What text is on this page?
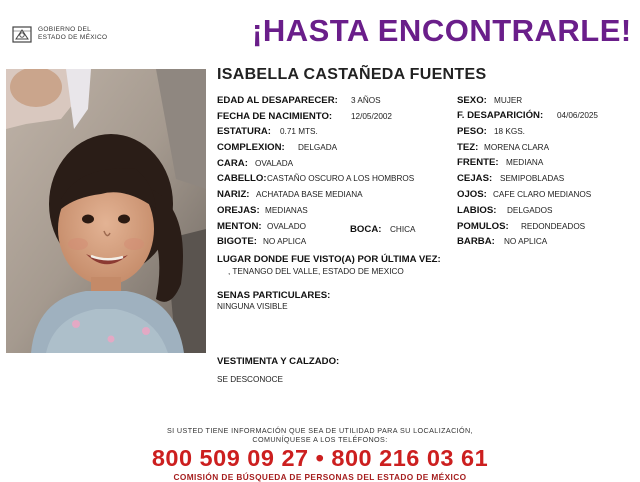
GOBIERNO DEL
ESTADO DE MÉXICO	¡HASTA ENCONTRARLE!
ISABELLA CASTAÑEDA FUENTES
EDAD AL DESAPARECER: 3 AÑOS
FECHA DE NACIMIENTO: 12/05/2002
ESTATURA: 0.71 MTS.
COMPLEXION: DELGADA
CARA: OVALADA
CABELLO: CASTAÑO OSCURO A LOS HOMBROS
NARIZ: ACHATADA BASE MEDIANA
OREJAS: MEDIANAS
MENTON: OVALADO	BOCA: CHICA
BIGOTE: NO APLICA
SEXO: MUJER
F. DESAPARICIÓN: 04/06/2025
PESO: 18 KGS.
TEZ: MORENA CLARA
FRENTE: MEDIANA
CEJAS: SEMIPOBLADAS
OJOS: CAFE CLARO MEDIANOS
LABIOS: DELGADOS
POMULOS: REDONDEADOS
BARBA: NO APLICA
LUGAR DONDE FUE VISTO(A) POR ÚLTIMA VEZ:
, TENANGO DEL VALLE, ESTADO DE MEXICO
SENAS PARTICULARES:
NINGUNA VISIBLE
VESTIMENTA Y CALZADO:
SE DESCONOCE
SI USTED TIENE INFORMACIÓN QUE SEA DE UTILIDAD PARA SU LOCALIZACIÓN,
COMUNÍQUESE A LOS TELÉFONOS:
800 509 09 27 • 800 216 03 61
COMISIÓN DE BÚSQUEDA DE PERSONAS DEL ESTADO DE MÉXICO
